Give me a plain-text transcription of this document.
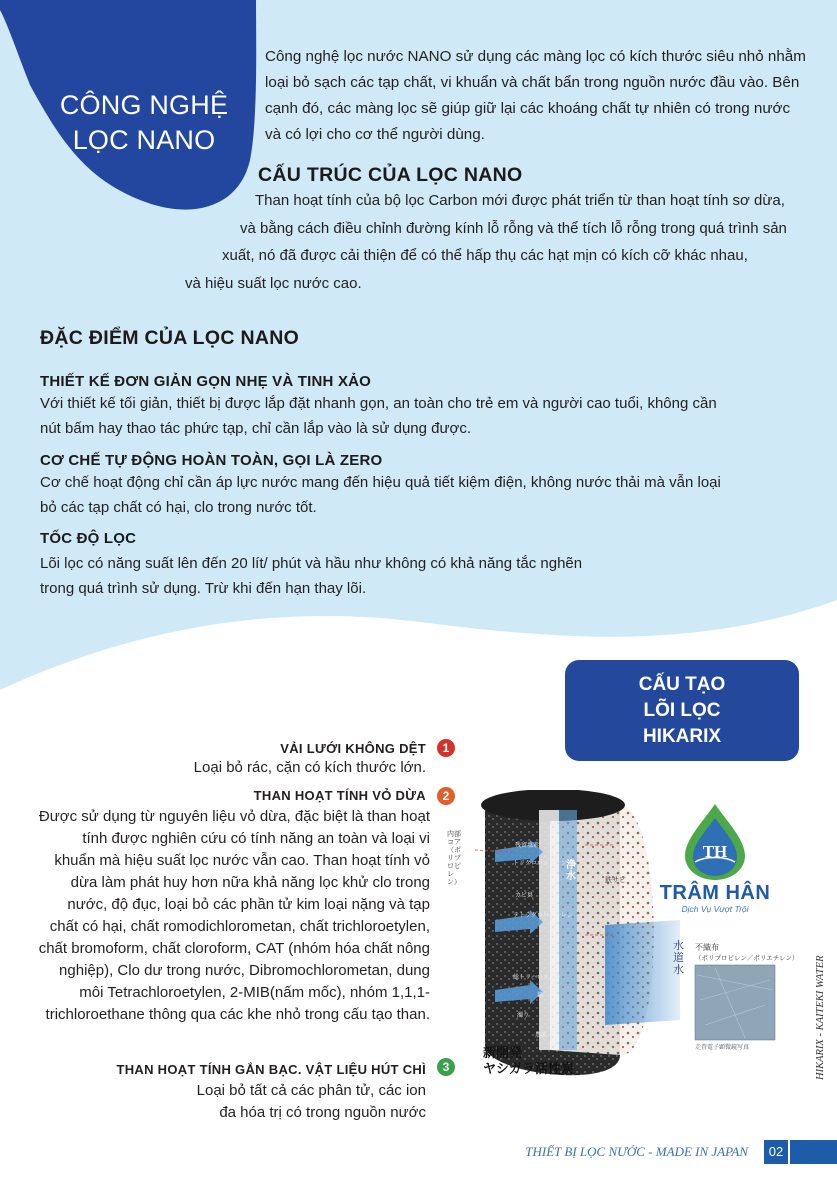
CÔNG NGHỆ
LỌC NANO
Công nghệ lọc nước NANO sử dụng các màng lọc có kích thước siêu nhỏ nhằm loại bỏ sạch các tạp chất, vi khuẩn và chất bẩn trong nguồn nước đầu vào. Bên cạnh đó, các màng lọc sẽ giúp giữ lại các khoáng chất tự nhiên có trong nước và có lợi cho cơ thể người dùng.
CẤU TRÚC CỦA LỌC NANO
Than hoạt tính của bộ lọc Carbon mới được phát triển từ than hoạt tính sơ dừa,
và bằng cách điều chỉnh đường kính lỗ rỗng và thể tích lỗ rỗng trong quá trình sản
xuất, nó đã được cải thiện để có thể hấp thụ các hạt mịn có kích cỡ khác nhau,
và hiệu suất lọc nước cao.
ĐẶC ĐIỂM CỦA LỌC NANO
THIẾT KẾ ĐƠN GIẢN GỌN NHẸ VÀ TINH XẢO
Với thiết kế tối giản, thiết bị được lắp đặt nhanh gọn, an toàn cho trẻ em và người cao tuổi, không cần nút bấm hay thao tác phức tạp, chỉ cần lắp vào là sử dụng được.
CƠ CHẾ TỰ ĐỘNG HOÀN TOÀN, GỌI LÀ ZERO
Cơ chế hoạt động chỉ cần áp lực nước mang đến hiệu quả tiết kiệm điện, không nước thải mà vẫn loại bỏ các tạp chất có hại, clo trong nước tốt.
TỐC ĐỘ LỌC
Lõi lọc có năng suất lên đến 20 lít/ phút và hầu như không có khả năng tắc nghẽn trong quá trình sử dụng. Trừ khi đến hạn thay lõi.
CẤU TẠO
LÕI LỌC
HIKARIX
VẢI LƯỚI KHÔNG DỆT	1
Loại bỏ rác, cặn có kích thước lớn.
THAN HOẠT TÍNH VỎ DỪA	2
Được sử dụng từ nguyên liệu vỏ dừa, đặc biệt là than hoạt tính được nghiên cứu có tính năng an toàn và loại vi khuẩn mà hiệu suất lọc nước vẫn cao. Than hoạt tính vỏ dừa làm phát huy hơn nữa khả năng lọc khử clo trong nước, độ đục, loại bỏ các phần tử kim loại nặng và tạp chất có hại, chất romodichlorometan, chất trichloroetylen, chất bromoform, chất cloroform, CAT (nhóm hóa chất nông nghiệp), Clo dư trong nước, Dibromochlorometan, dung môi Tetrachloroetylen, 2-MIB(nấm mốc), nhóm 1,1,1-trichloroethane thông qua các khe nhỏ trong cấu tạo than.
THAN HOẠT TÍNH GẮN BẠC. VẬT LIỆU HÚT CHÌ	3
Loại bỏ tất cả các phân tử, các ion đa hóa trị có trong nguồn nước
内部コア（ポリプロピレン）
浄水
水道水
鉄サビ
残留塩素
トリクロロエチレン
カビ臭
テトラクロロエチレン
総トリハロメタン
鉛
濁り
農薬
不織布
（ポリプロピレン／ポリエチレン）
走査電子顕微鏡写真
新開発
ヤシガラ活性炭
TH
TRÂM HÂN
Dịch Vụ Vượt Trội
HIKARIX - KAITEKI WATER
THIẾT BỊ LỌC NƯỚC - MADE IN JAPAN	02
